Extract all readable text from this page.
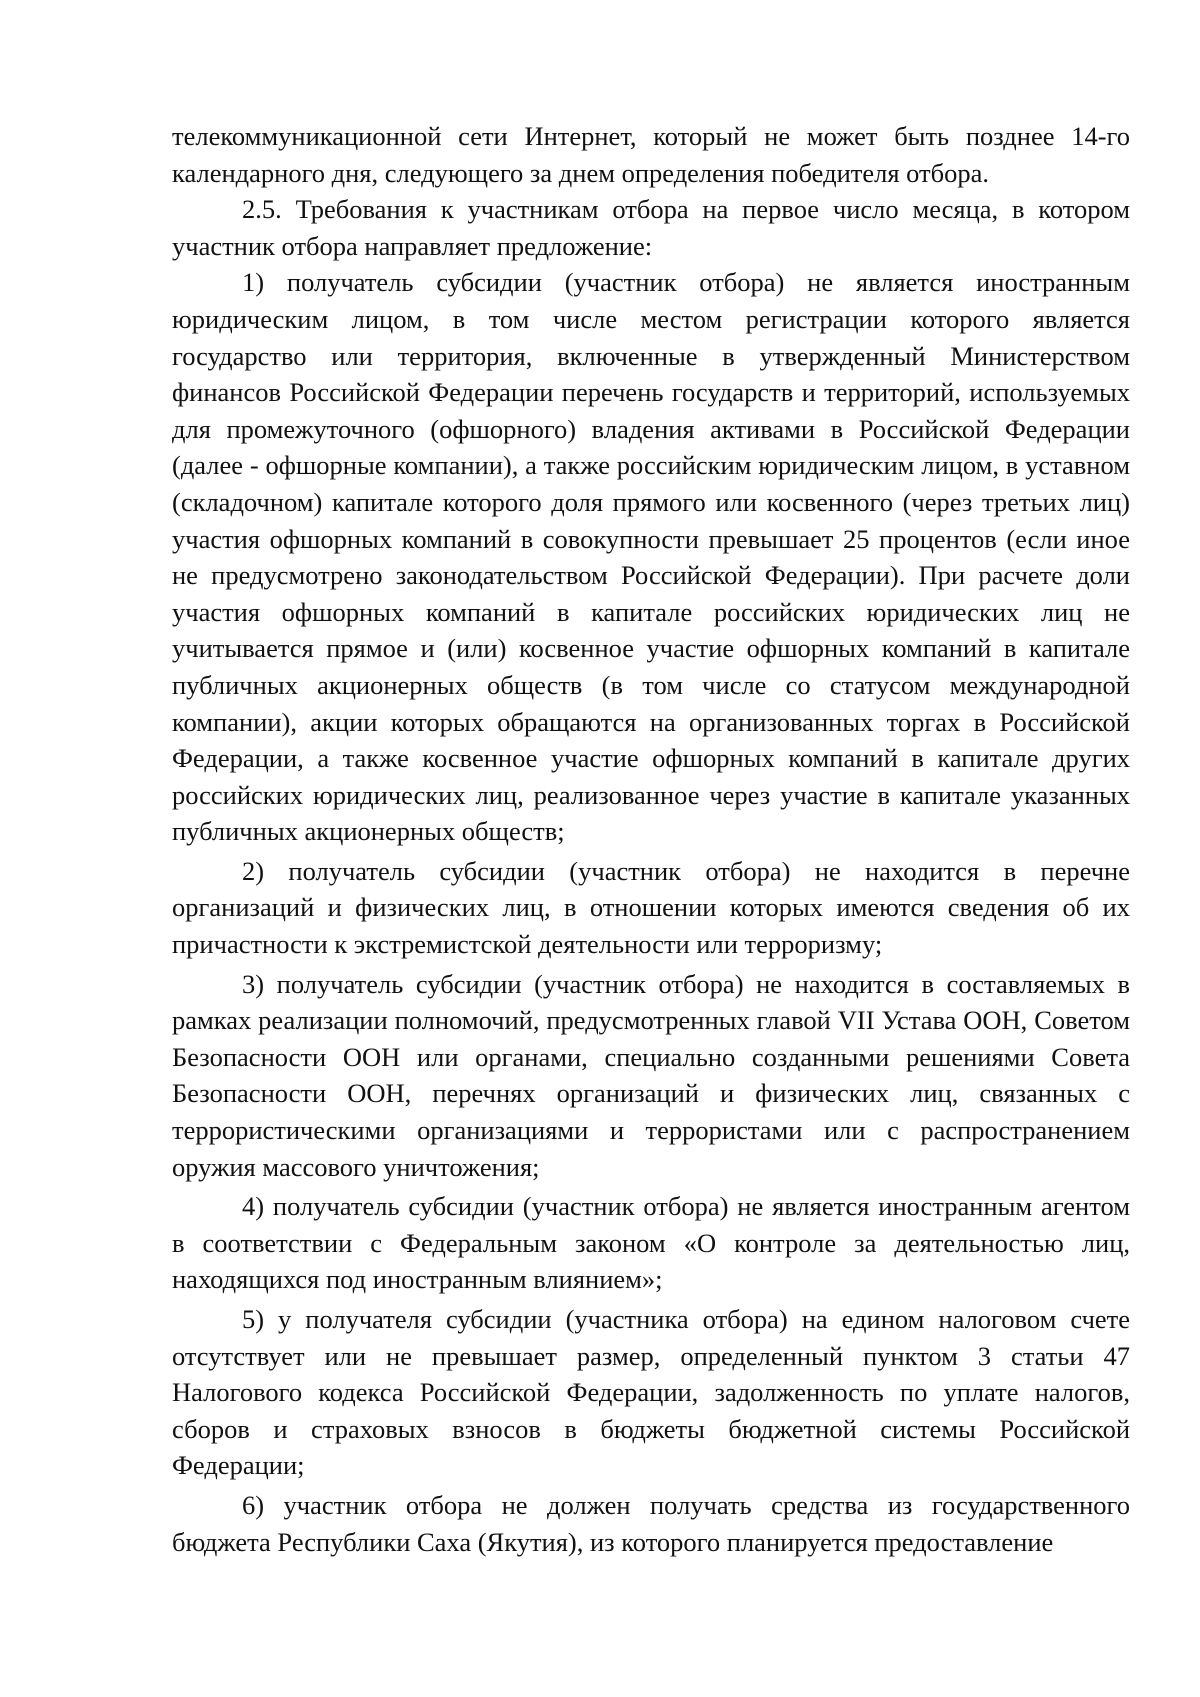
телекоммуникационной сети Интернет, который не может быть позднее 14-го календарного дня, следующего за днем определения победителя отбора.

2.5. Требования к участникам отбора на первое число месяца, в котором участник отбора направляет предложение:

1) получатель субсидии (участник отбора) не является иностранным юридическим лицом, в том числе местом регистрации которого является государство или территория, включенные в утвержденный Министерством финансов Российской Федерации перечень государств и территорий, используемых для промежуточного (офшорного) владения активами в Российской Федерации (далее - офшорные компании), а также российским юридическим лицом, в уставном (складочном) капитале которого доля прямого или косвенного (через третьих лиц) участия офшорных компаний в совокупности превышает 25 процентов (если иное не предусмотрено законодательством Российской Федерации). При расчете доли участия офшорных компаний в капитале российских юридических лиц не учитывается прямое и (или) косвенное участие офшорных компаний в капитале публичных акционерных обществ (в том числе со статусом международной компании), акции которых обращаются на организованных торгах в Российской Федерации, а также косвенное участие офшорных компаний в капитале других российских юридических лиц, реализованное через участие в капитале указанных публичных акционерных обществ;

2) получатель субсидии (участник отбора) не находится в перечне организаций и физических лиц, в отношении которых имеются сведения об их причастности к экстремистской деятельности или терроризму;

3) получатель субсидии (участник отбора) не находится в составляемых в рамках реализации полномочий, предусмотренных главой VII Устава ООН, Советом Безопасности ООН или органами, специально созданными решениями Совета Безопасности ООН, перечнях организаций и физических лиц, связанных с террористическими организациями и террористами или с распространением оружия массового уничтожения;

4) получатель субсидии (участник отбора) не является иностранным агентом в соответствии с Федеральным законом «О контроле за деятельностью лиц, находящихся под иностранным влиянием»;

5) у получателя субсидии (участника отбора) на едином налоговом счете отсутствует или не превышает размер, определенный пунктом 3 статьи 47 Налогового кодекса Российской Федерации, задолженность по уплате налогов, сборов и страховых взносов в бюджеты бюджетной системы Российской Федерации;

6) участник отбора не должен получать средства из государственного бюджета Республики Саха (Якутия), из которого планируется предоставление
